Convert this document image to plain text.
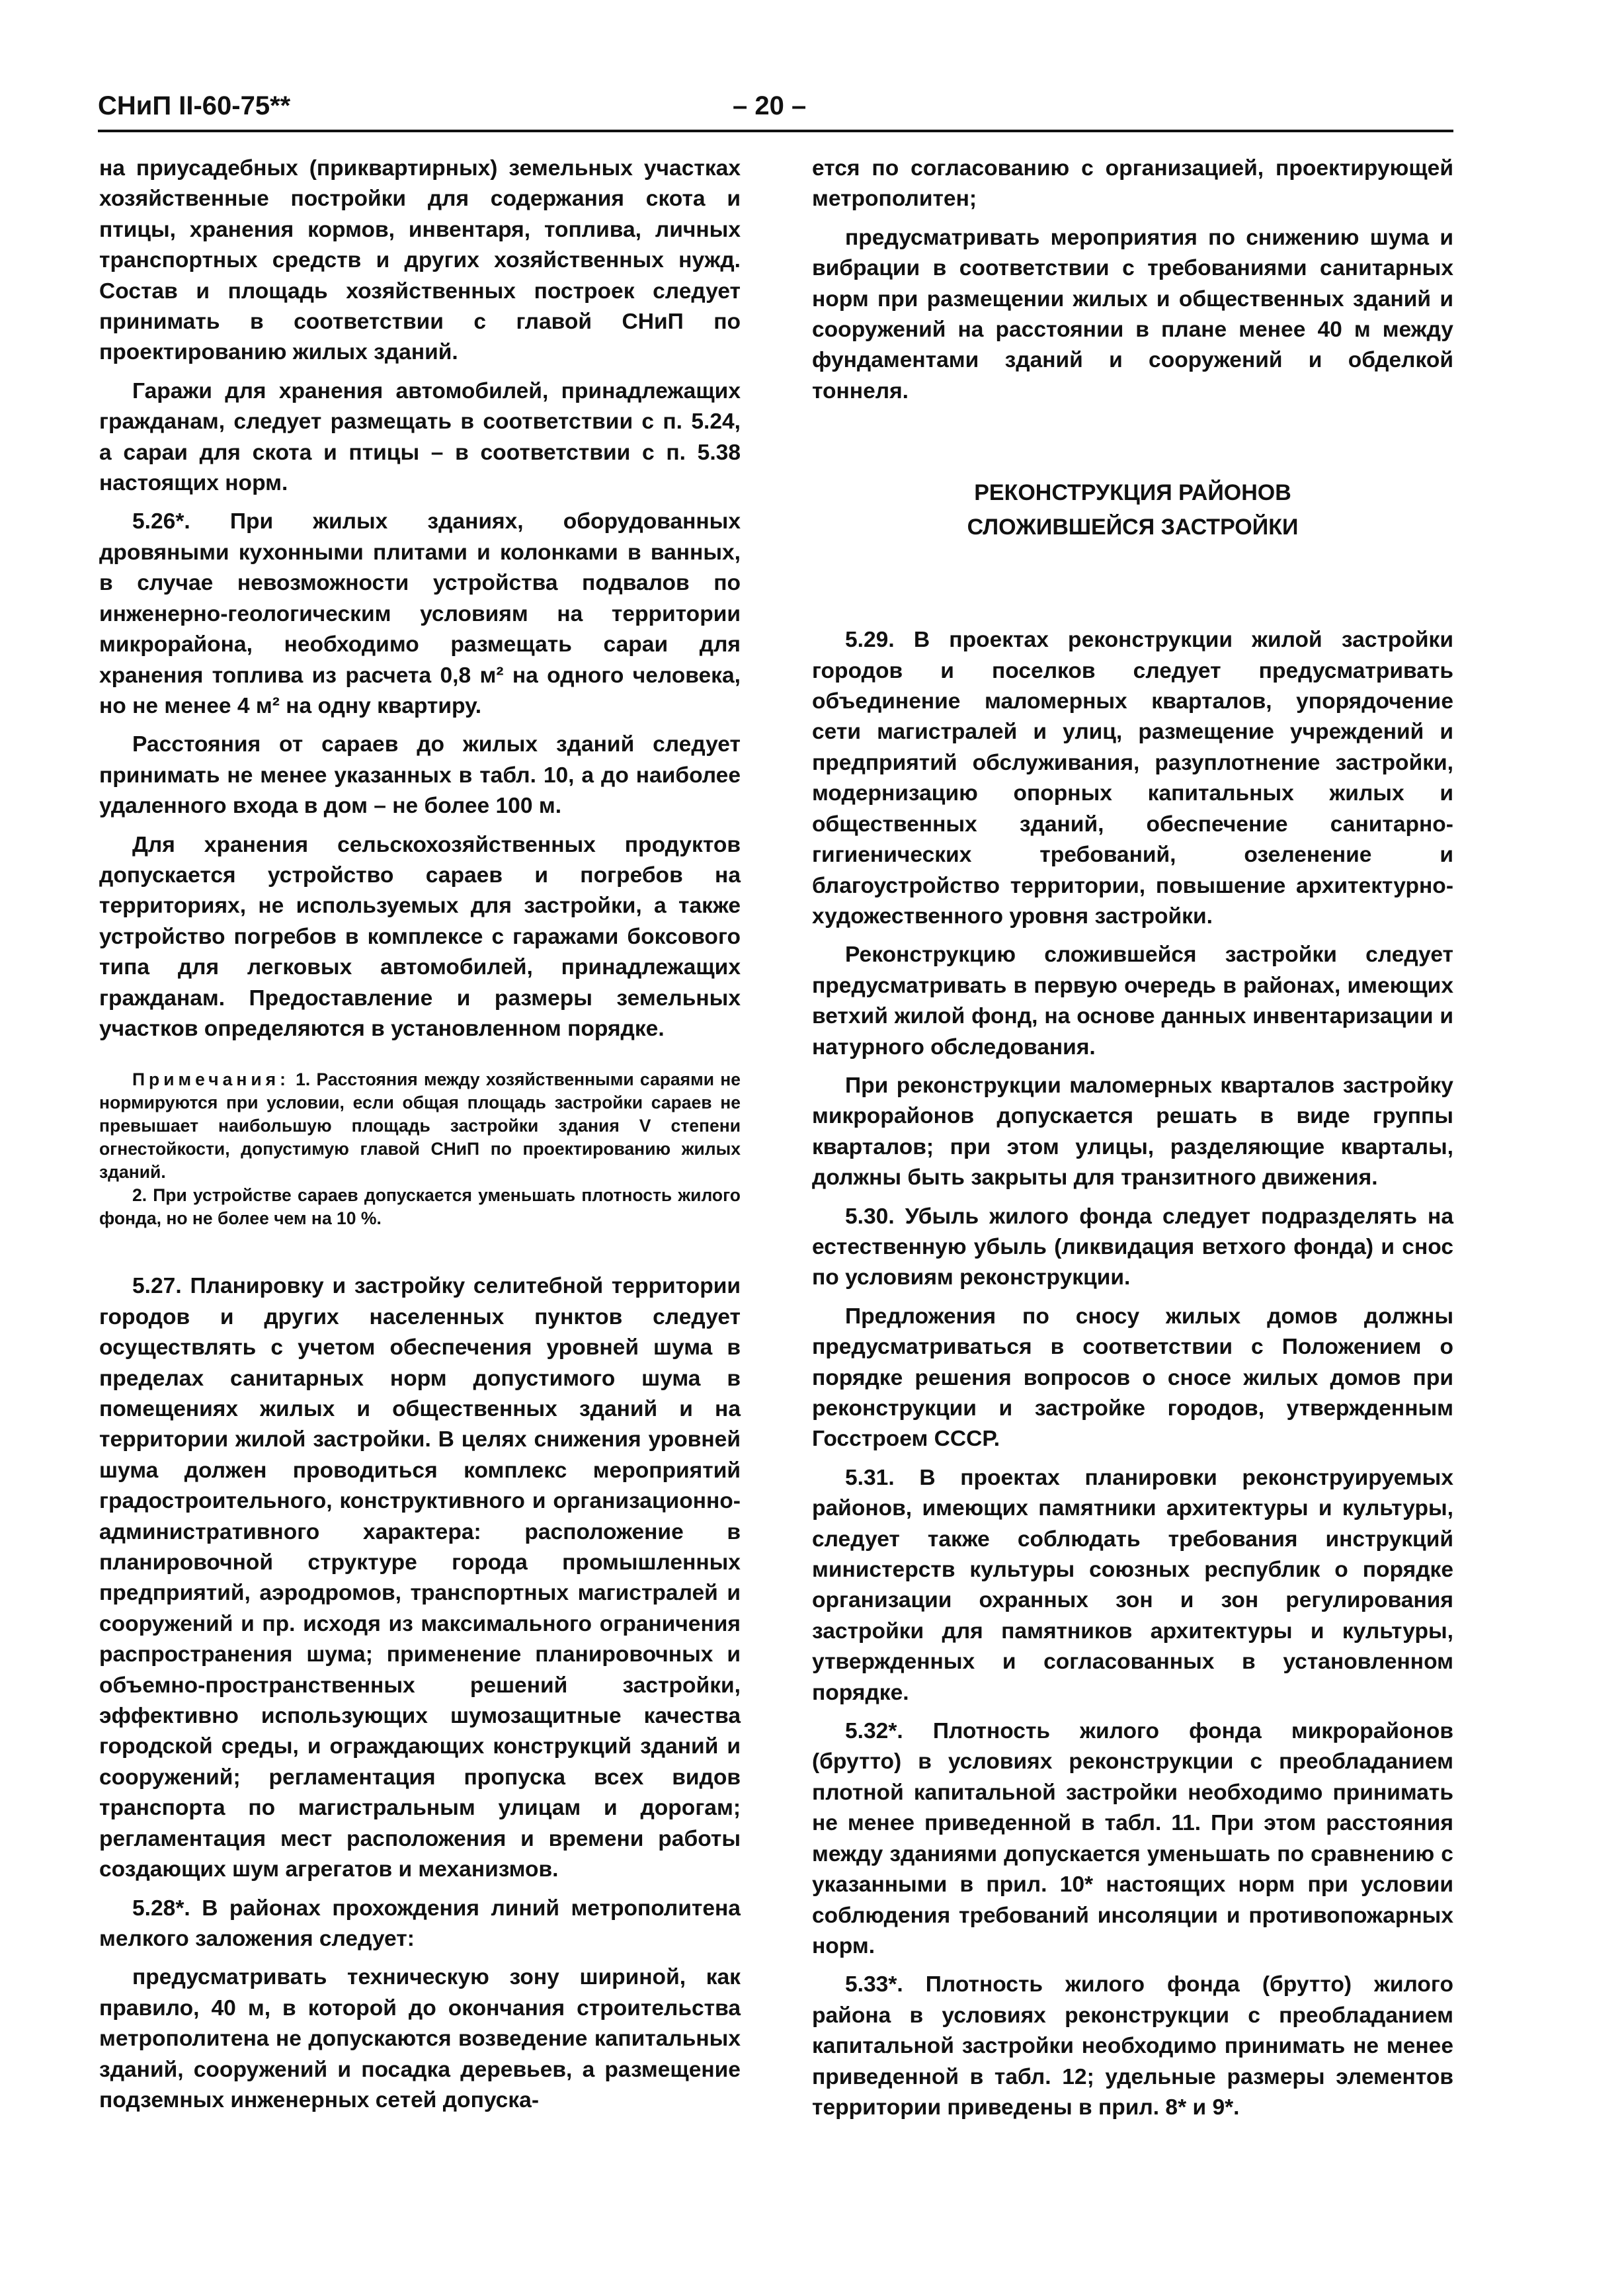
СНиП II-60-75**	– 20 –

на приусадебных (приквартирных) земельных участках хозяйственные постройки для содержания скота и птицы, хранения кормов, инвентаря, топлива, личных транспортных средств и других хозяйственных нужд. Состав и площадь хозяйственных построек следует принимать в соответствии с главой СНиП по проектированию жилых зданий.

Гаражи для хранения автомобилей, принадлежащих гражданам, следует размещать в соответствии с п. 5.24, а сараи для скота и птицы – в соответствии с п. 5.38 настоящих норм.

5.26*. При жилых зданиях, оборудованных дровяными кухонными плитами и колонками в ванных, в случае невозможности устройства подвалов по инженерно-геологическим условиям на территории микрорайона, необходимо размещать сараи для хранения топлива из расчета 0,8 м² на одного человека, но не менее 4 м² на одну квартиру.

Расстояния от сараев до жилых зданий следует принимать не менее указанных в табл. 10, а до наиболее удаленного входа в дом – не более 100 м.

Для хранения сельскохозяйственных продуктов допускается устройство сараев и погребов на территориях, не используемых для застройки, а также устройство погребов в комплексе с гаражами боксового типа для легковых автомобилей, принадлежащих гражданам. Предоставление и размеры земельных участков определяются в установленном порядке.

Примечания: 1. Расстояния между хозяйственными сараями не нормируются при условии, если общая площадь застройки сараев не превышает наибольшую площадь застройки здания V степени огнестойкости, допустимую главой СНиП по проектированию жилых зданий.

2. При устройстве сараев допускается уменьшать плотность жилого фонда, но не более чем на 10 %.

5.27. Планировку и застройку селитебной территории городов и других населенных пунктов следует осуществлять с учетом обеспечения уровней шума в пределах санитарных норм допустимого шума в помещениях жилых и общественных зданий и на территории жилой застройки. В целях снижения уровней шума должен проводиться комплекс мероприятий градостроительного, конструктивного и организационно-административного характера: расположение в планировочной структуре города промышленных предприятий, аэродромов, транспортных магистралей и сооружений и пр. исходя из максимального ограничения распространения шума; применение планировочных и объемно-пространственных решений застройки, эффективно использующих шумозащитные качества городской среды, и ограждающих конструкций зданий и сооружений; регламентация пропуска всех видов транспорта по магистральным улицам и дорогам; регламентация мест расположения и времени работы создающих шум агрегатов и механизмов.

5.28*. В районах прохождения линий метрополитена мелкого заложения следует:

предусматривать техническую зону шириной, как правило, 40 м, в которой до окончания строительства метрополитена не допускаются возведение капитальных зданий, сооружений и посадка деревьев, а размещение подземных инженерных сетей допуска-

ется по согласованию с организацией, проектирующей метрополитен;

предусматривать мероприятия по снижению шума и вибрации в соответствии с требованиями санитарных норм при размещении жилых и общественных зданий и сооружений на расстоянии в плане менее 40 м между фундаментами зданий и сооружений и обделкой тоннеля.

РЕКОНСТРУКЦИЯ РАЙОНОВ
СЛОЖИВШЕЙСЯ ЗАСТРОЙКИ

5.29. В проектах реконструкции жилой застройки городов и поселков следует предусматривать объединение маломерных кварталов, упорядочение сети магистралей и улиц, размещение учреждений и предприятий обслуживания, разуплотнение застройки, модернизацию опорных капитальных жилых и общественных зданий, обеспечение санитарно-гигиенических требований, озеленение и благоустройство территории, повышение архитектурно-художественного уровня застройки.

Реконструкцию сложившейся застройки следует предусматривать в первую очередь в районах, имеющих ветхий жилой фонд, на основе данных инвентаризации и натурного обследования.

При реконструкции маломерных кварталов застройку микрорайонов допускается решать в виде группы кварталов; при этом улицы, разделяющие кварталы, должны быть закрыты для транзитного движения.

5.30. Убыль жилого фонда следует подразделять на естественную убыль (ликвидация ветхого фонда) и снос по условиям реконструкции.

Предложения по сносу жилых домов должны предусматриваться в соответствии с Положением о порядке решения вопросов о сносе жилых домов при реконструкции и застройке городов, утвержденным Госстроем СССР.

5.31. В проектах планировки реконструируемых районов, имеющих памятники архитектуры и культуры, следует также соблюдать требования инструкций министерств культуры союзных республик о порядке организации охранных зон и зон регулирования застройки для памятников архитектуры и культуры, утвержденных и согласованных в установленном порядке.

5.32*. Плотность жилого фонда микрорайонов (брутто) в условиях реконструкции с преобладанием плотной капитальной застройки необходимо принимать не менее приведенной в табл. 11. При этом расстояния между зданиями допускается уменьшать по сравнению с указанными в прил. 10* настоящих норм при условии соблюдения требований инсоляции и противопожарных норм.

5.33*. Плотность жилого фонда (брутто) жилого района в условиях реконструкции с преобладанием капитальной застройки необходимо принимать не менее приведенной в табл. 12; удельные размеры элементов территории приведены в прил. 8* и 9*.
